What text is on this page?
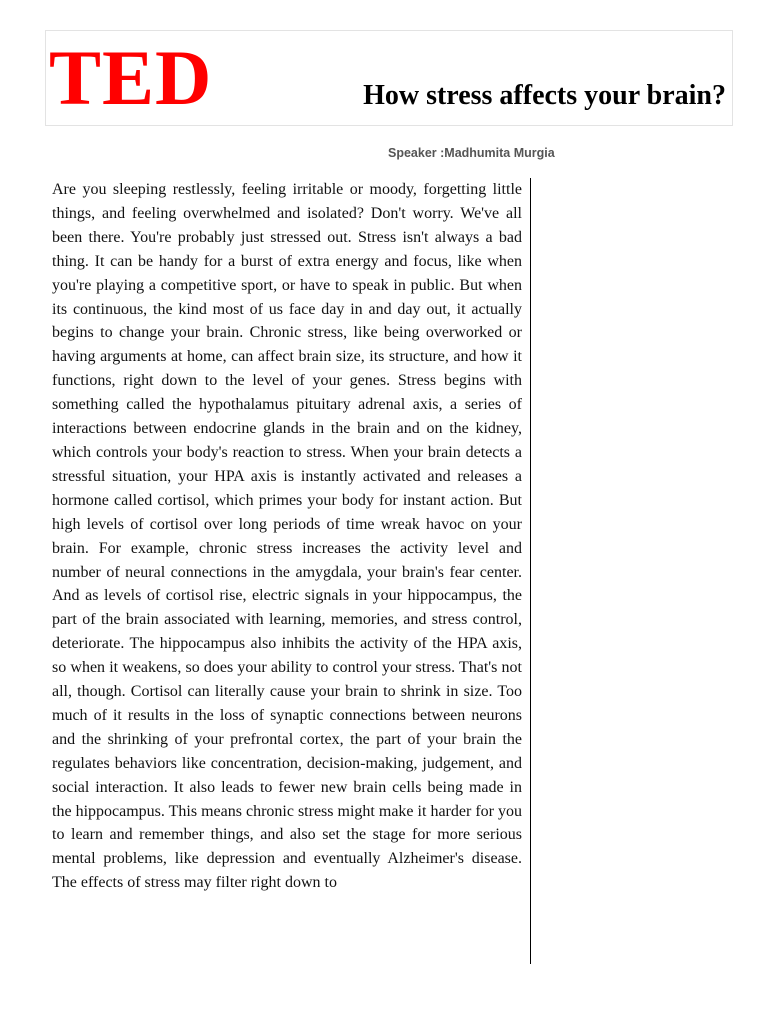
TED	How stress affects your brain?

Speaker :Madhumita Murgia

Are you sleeping restlessly, feeling irritable or moody, forgetting little things, and feeling overwhelmed and isolated? Don't worry. We've all been there. You're probably just stressed out. Stress isn't always a bad thing. It can be handy for a burst of extra energy and focus, like when you're playing a competitive sport, or have to speak in public. But when its continuous, the kind most of us face day in and day out, it actually begins to change your brain. Chronic stress, like being overworked or having arguments at home, can affect brain size, its structure, and how it functions, right down to the level of your genes. Stress begins with something called the hypothalamus pituitary adrenal axis, a series of interactions between endocrine glands in the brain and on the kidney, which controls your body's reaction to stress. When your brain detects a stressful situation, your HPA axis is instantly activated and releases a hormone called cortisol, which primes your body for instant action. But high levels of cortisol over long periods of time wreak havoc on your brain. For example, chronic stress increases the activity level and number of neural connections in the amygdala, your brain's fear center. And as levels of cortisol rise, electric signals in your hippocampus, the part of the brain associated with learning, memories, and stress control, deteriorate. The hippocampus also inhibits the activity of the HPA axis, so when it weakens, so does your ability to control your stress. That's not all, though. Cortisol can literally cause your brain to shrink in size. Too much of it results in the loss of synaptic connections between neurons and the shrinking of your prefrontal cortex, the part of your brain the regulates behaviors like concentration, decision-making, judgement, and social interaction. It also leads to fewer new brain cells being made in the hippocampus. This means chronic stress might make it harder for you to learn and remember things, and also set the stage for more serious mental problems, like depression and eventually Alzheimer's disease. The effects of stress may filter right down to
